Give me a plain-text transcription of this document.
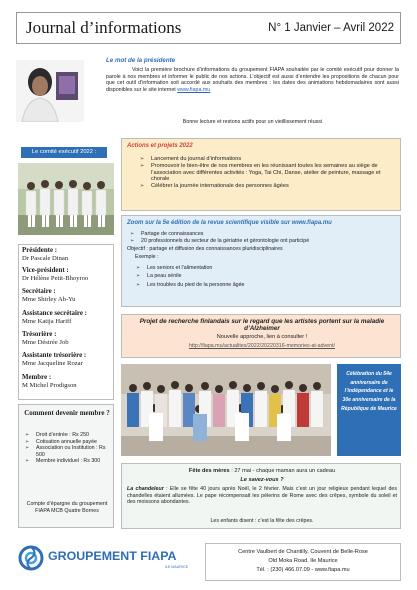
Journal d’informations	N° 1 Janvier – Avril 2022
Le mot de la présidente
Voici la première brochure d’informations du groupement FIAPA souhaitée par le comité exécutif pour donner la parole à nos membres et informer le public de nos actions. L’objectif est aussi d’entendre les propositions de chacun pour que cet outil d’information soit accordé aux souhaits des membres : les dates des animations hebdomadaires sont aussi disponibles sur le site internet www.fiapa.mu
Bonne lecture et restons actifs pour un vieillissement réussi
Le comité exécutif 2022 :
Présidente :
Dr Pascale Dinan
Vice-président :
Dr Hélène Petit-Bhoyroo
Secrétaire :
Mme Shirley Ah-Yu
Assistance secrétaire :
Mme Katija Hariff
Trésorière :
Mme Désirée Job
Assistante trésorière :
Mme Jacqueline Rozar
Membre :
M Michel Prodigson
Comment devenir membre ?
➢ Droit d’entrée : Rs 250
➢ Cotisation annuelle payée
➢ Association ou Institution : Rs 500
➢ Membre individuel : Rs 300
Compte d’épargne du groupement FIAPA MCB Quatre Bornes
Actions et projets 2022
➢ Lancement du journal d’informations
➢ Promouvoir le bien-être de nos membres en les réunissant toutes les semaines au siège de l’association avec différentes activités : Yoga, Tai Chi, Danse, atelier de peinture, massage et chorale
➢ Célébrer la journée internationale des personnes âgées
Zoom sur la 5e édition de la revue scientifique visible sur www.fiapa.mu
➢ Partage de connaissances
➢ 20 professionnels du secteur de la gériatrie et gérontologie ont participé
Objectif : partage et diffusion des connaissances pluridisciplinaires
Exemple :
➢ Les seniors et l’alimentation
➢ La peau sénile
➢ Les troubles du pied de la personne âgée
Projet de recherche finlandais sur le regard que les artistes portent sur la maladie d’Alzheimer
Nouvelle approche, lien à consulter !
http://fiapa.mu/actualites/2022/20220316-memories-at-advent/
Célébration du 54e anniversaire de l’indépendance et le 30e anniversaire de la République de Maurice
Fête des mères : 27 mai - chaque maman aura un cadeau
Le savez-vous ?
La chandeleur : Elle se fête 40 jours après Noël, le 2 février. Mais c’est un jour religieux pendant lequel des chandelles étaient allumées. Le pape récompensait les pèlerins de Rome avec des crêpes, symbole du soleil et des moissons abondantes.
Les enfants disent : c’est la fête des crêpes.
GROUPEMENT FIAPA
ILE MAURICE
Centre Vaulbert de Chantilly, Couvent de Belle-Rose
Old Moka Road. Ile Maurice
Tél. : (230) 466.07.09 - www.fiapa.mu
